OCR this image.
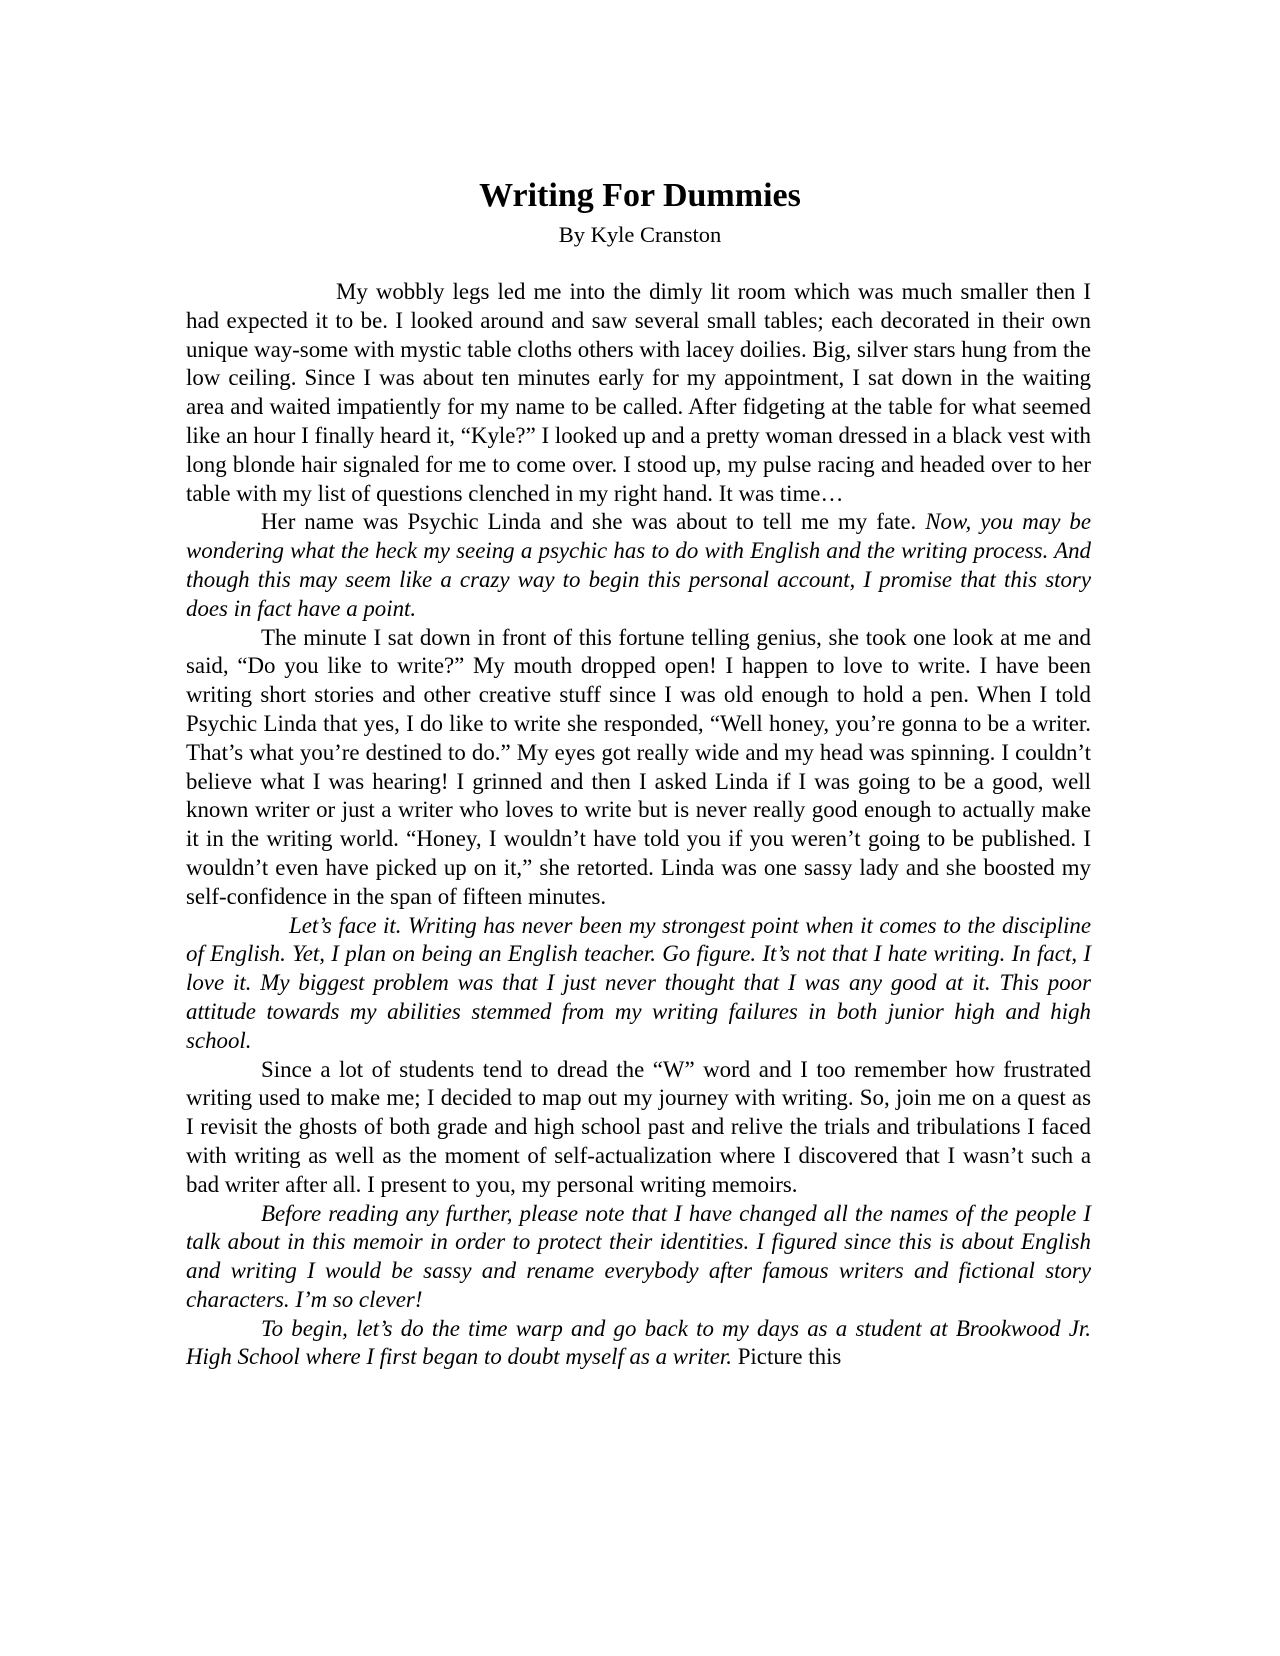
Writing For Dummies

By Kyle Cranston

My wobbly legs led me into the dimly lit room which was much smaller then I had expected it to be. I looked around and saw several small tables; each decorated in their own unique way-some with mystic table cloths others with lacey doilies. Big, silver stars hung from the low ceiling. Since I was about ten minutes early for my appointment, I sat down in the waiting area and waited impatiently for my name to be called. After fidgeting at the table for what seemed like an hour I finally heard it, “Kyle?” I looked up and a pretty woman dressed in a black vest with long blonde hair signaled for me to come over. I stood up, my pulse racing and headed over to her table with my list of questions clenched in my right hand. It was time…

Her name was Psychic Linda and she was about to tell me my fate. Now, you may be wondering what the heck my seeing a psychic has to do with English and the writing process. And though this may seem like a crazy way to begin this personal account, I promise that this story does in fact have a point.

The minute I sat down in front of this fortune telling genius, she took one look at me and said, “Do you like to write?” My mouth dropped open! I happen to love to write. I have been writing short stories and other creative stuff since I was old enough to hold a pen. When I told Psychic Linda that yes, I do like to write she responded, “Well honey, you’re gonna to be a writer. That’s what you’re destined to do.” My eyes got really wide and my head was spinning. I couldn’t believe what I was hearing! I grinned and then I asked Linda if I was going to be a good, well known writer or just a writer who loves to write but is never really good enough to actually make it in the writing world. “Honey, I wouldn’t have told you if you weren’t going to be published. I wouldn’t even have picked up on it,” she retorted. Linda was one sassy lady and she boosted my self-confidence in the span of fifteen minutes.

Let’s face it. Writing has never been my strongest point when it comes to the discipline of English. Yet, I plan on being an English teacher. Go figure. It’s not that I hate writing. In fact, I love it. My biggest problem was that I just never thought that I was any good at it. This poor attitude towards my abilities stemmed from my writing failures in both junior high and high school.

Since a lot of students tend to dread the “W” word and I too remember how frustrated writing used to make me; I decided to map out my journey with writing. So, join me on a quest as I revisit the ghosts of both grade and high school past and relive the trials and tribulations I faced with writing as well as the moment of self-actualization where I discovered that I wasn’t such a bad writer after all. I present to you, my personal writing memoirs.

Before reading any further, please note that I have changed all the names of the people I talk about in this memoir in order to protect their identities. I figured since this is about English and writing I would be sassy and rename everybody after famous writers and fictional story characters. I’m so clever!

To begin, let’s do the time warp and go back to my days as a student at Brookwood Jr. High School where I first began to doubt myself as a writer. Picture this
